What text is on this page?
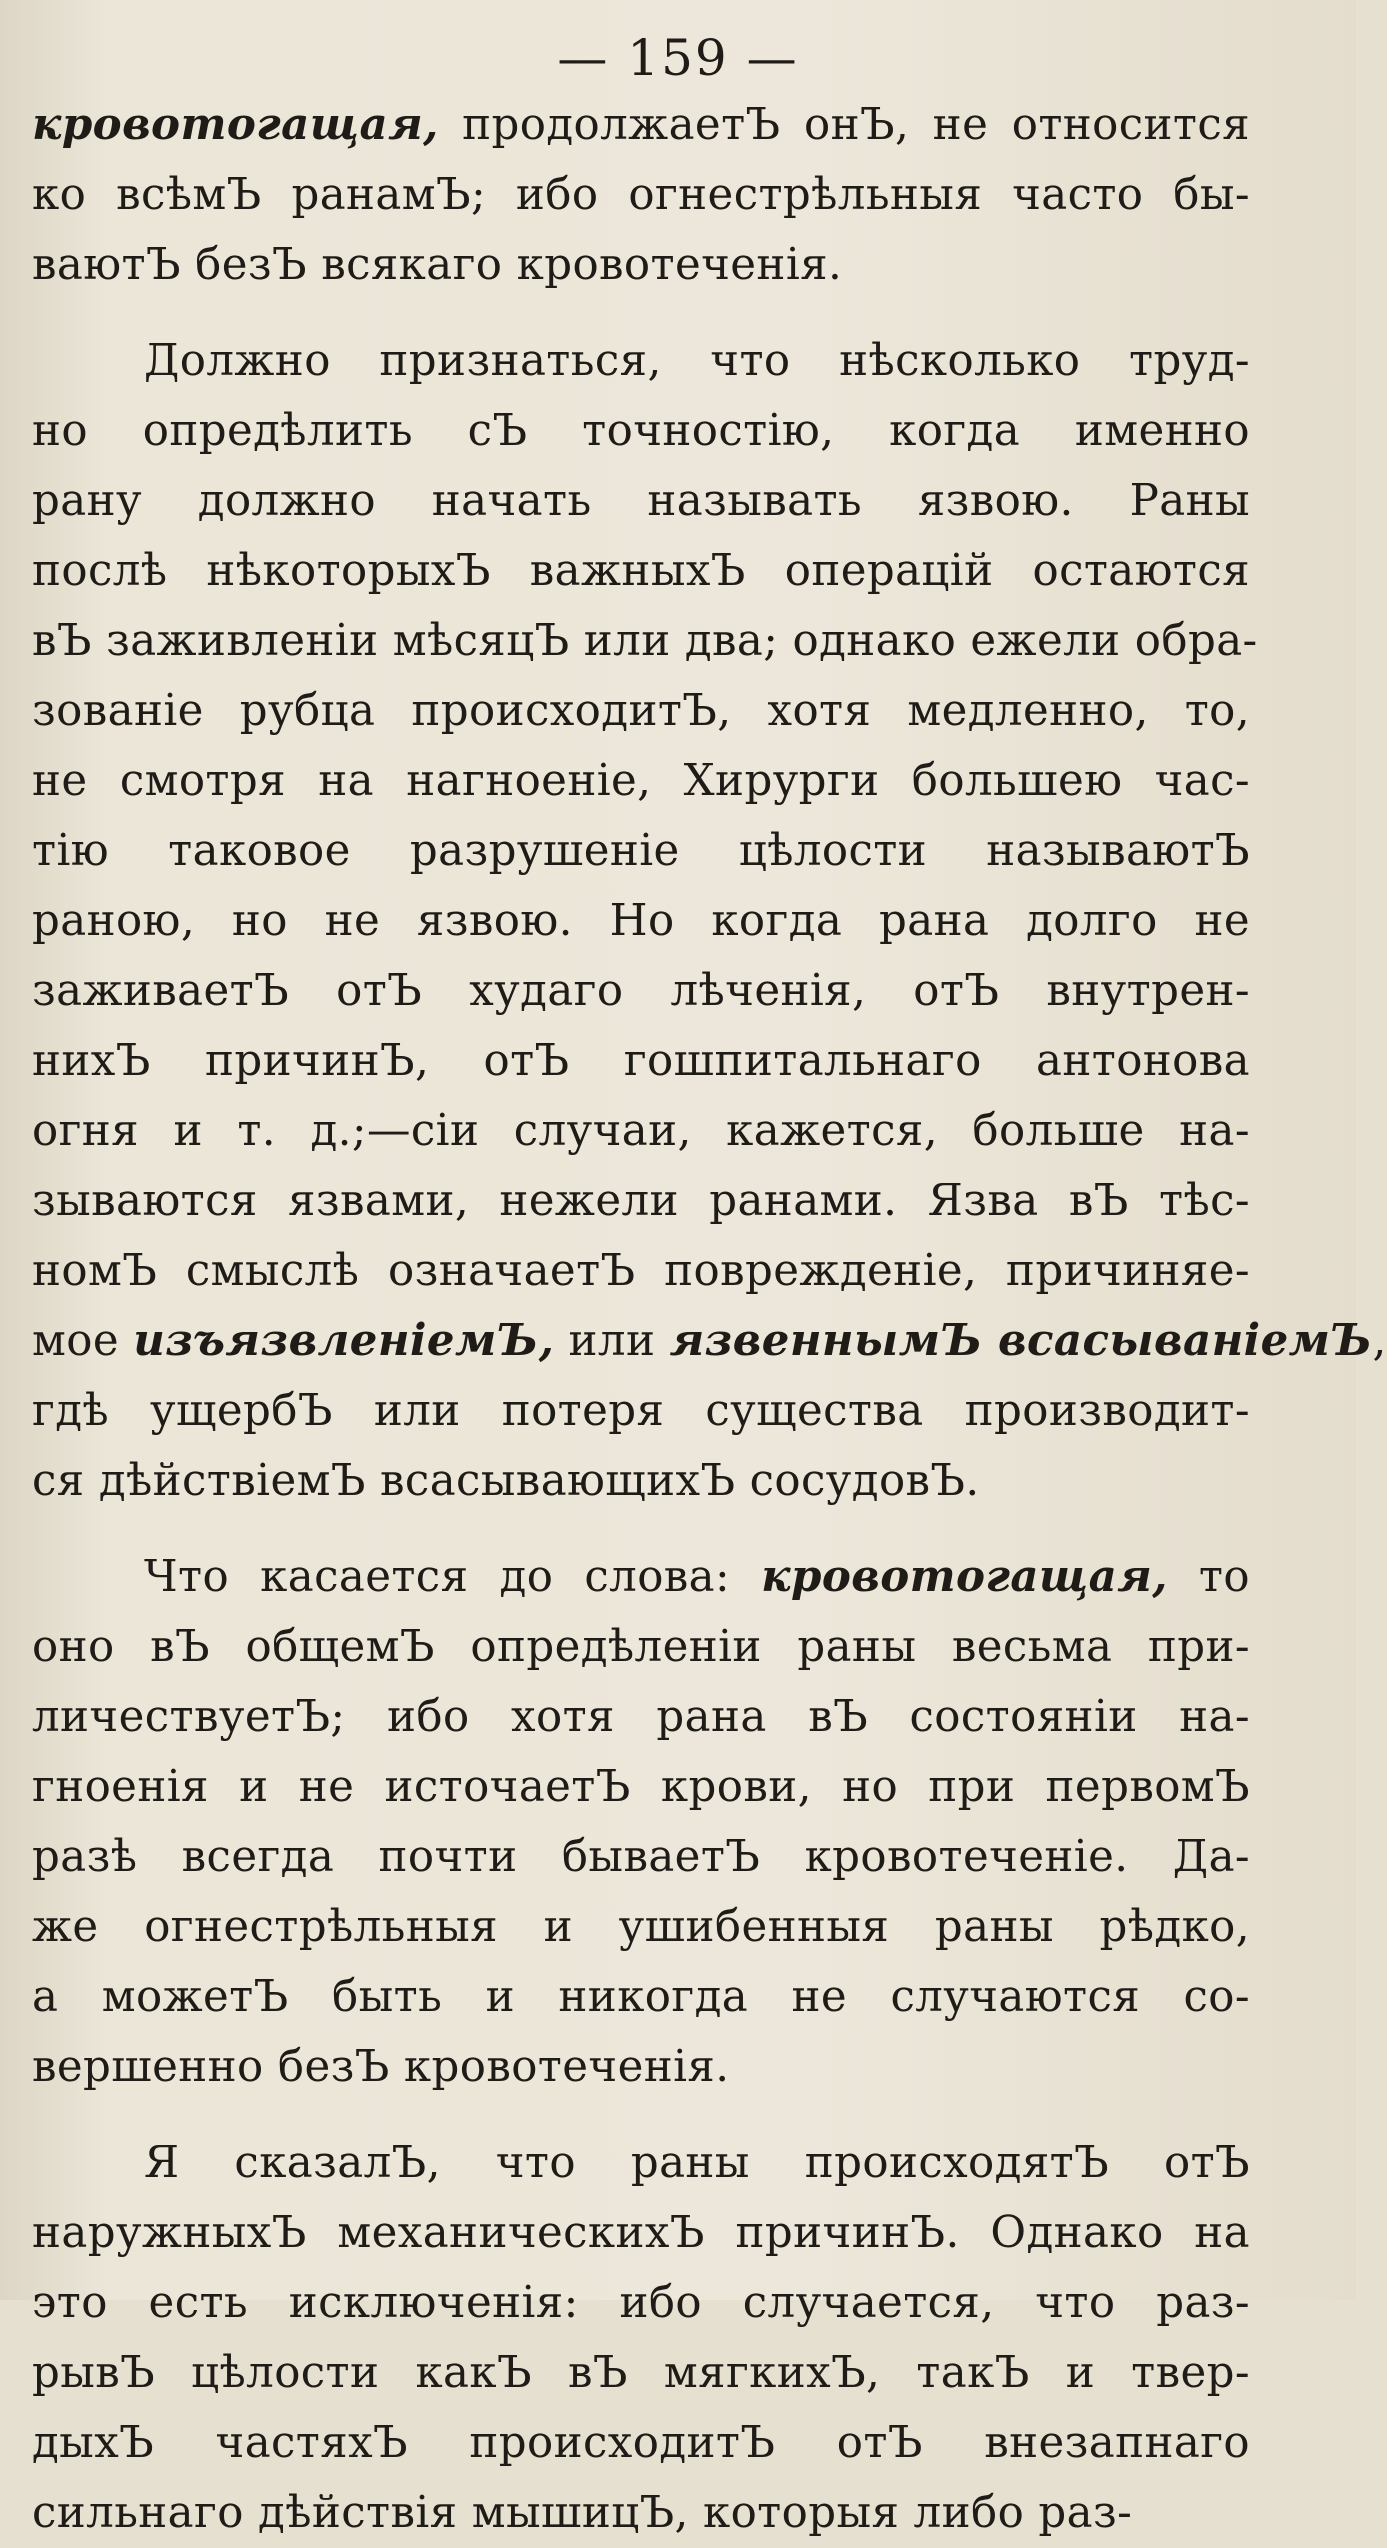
— 159 —
кровотогащая, продолжаетЪ онЪ, не относится
ко всѣмЪ ранамЪ; ибо огнестрѣльныя часто бы-
ваютЪ безЪ всякаго кровотеченія.
Должно признаться, что нѣсколько труд-
но опредѣлить сЪ точностію, когда именно
рану должно начать называть язвою. Раны
послѣ нѣкоторыхЪ важныхЪ операцій остаются
вЪ заживленіи мѣсяцЪ или два; однако ежели обра-
зованіе рубца происходитЪ, хотя медленно, то,
не смотря на нагноеніе, Хирурги большею час-
тію таковое разрушеніе цѣлости называютЪ
раною, но не язвою. Но когда рана долго не
заживаетЪ отЪ худаго лѣченія, отЪ внутрен-
нихЪ причинЪ, отЪ гошпитальнаго антонова
огня и т. д.;—сіи случаи, кажется, больше на-
зываются язвами, нежели ранами. Язва вЪ тѣс-
номЪ смыслѣ означаетЪ поврежденіе, причиняе-
мое изъязвленіемЪ, или язвеннымЪ всасываніемЪ,
гдѣ ущербЪ или потеря существа производит-
ся дѣйствіемЪ всасывающихЪ сосудовЪ.
Что касается до слова: кровотогащая, то
оно вЪ общемЪ опредѣленіи раны весьма при-
личествуетЪ; ибо хотя рана вЪ состояніи на-
гноенія и не источаетЪ крови, но при первомЪ
разѣ всегда почти бываетЪ кровотеченіе. Да-
же огнестрѣльныя и ушибенныя раны рѣдко,
а можетЪ быть и никогда не случаются со-
вершенно безЪ кровотеченія.
Я сказалЪ, что раны происходятЪ отЪ
наружныхЪ механическихЪ причинЪ. Однако на
это есть исключенія: ибо случается, что раз-
рывЪ цѣлости какЪ вЪ мягкихЪ, такЪ и твер-
дыхЪ частяхЪ происходитЪ отЪ внезапнаго
сильнаго дѣйствія мышицЪ, которыя либо раз-
